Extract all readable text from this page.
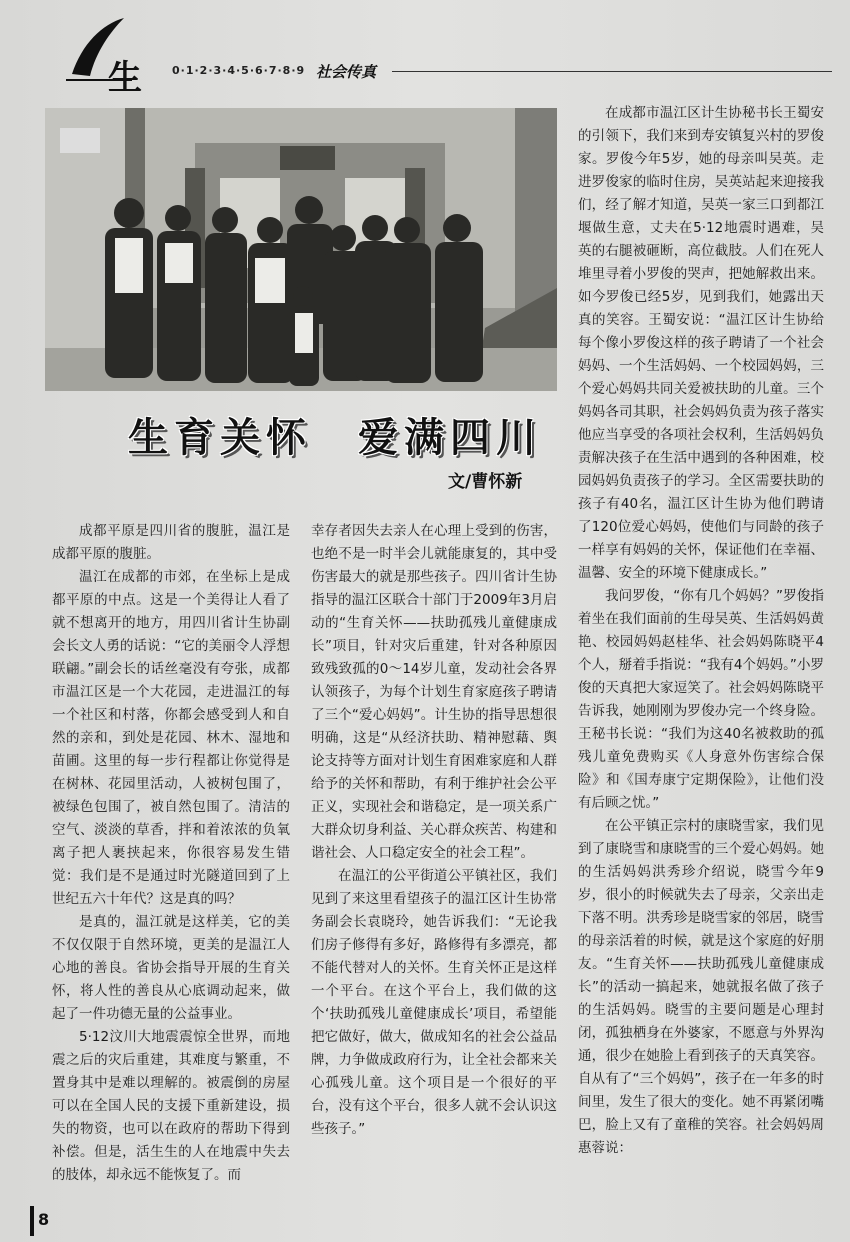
生	0·1·2·3·4·5·6·7·8·9 社会传真
生育关怀　爱满四川
文/曹怀新

成都平原是四川省的腹脏，温江是成都平原的腹脏。

温江在成都的市郊，在坐标上是成都平原的中点。这是一个美得让人看了就不想离开的地方，用四川省计生协副会长文人勇的话说：“它的美丽令人浮想联翩。”副会长的话丝毫没有夸张，成都市温江区是一个大花园，走进温江的每一个社区和村落，你都会感受到人和自然的亲和，到处是花园、林木、湿地和苗圃。这里的每一步行程都让你觉得是在树林、花园里活动，人被树包围了，被绿色包围了，被自然包围了。清洁的空气、淡淡的草香，拌和着浓浓的负氧离子把人裹挟起来，你很容易发生错觉：我们是不是通过时光隧道回到了上世纪五六十年代？这是真的吗？

是真的，温江就是这样美，它的美不仅仅限于自然环境，更美的是温江人心地的善良。省协会指导开展的生育关怀，将人性的善良从心底调动起来，做起了一件功德无量的公益事业。

5·12汶川大地震震惊全世界，而地震之后的灾后重建，其难度与繁重，不置身其中是难以理解的。被震倒的房屋可以在全国人民的支援下重新建设，损失的物资，也可以在政府的帮助下得到补偿。但是，活生生的人在地震中失去的肢体，却永远不能恢复了。而

幸存者因失去亲人在心理上受到的伤害，也绝不是一时半会儿就能康复的，其中受伤害最大的就是那些孩子。四川省计生协指导的温江区联合十部门于2009年3月启动的“生育关怀——扶助孤残儿童健康成长”项目，针对灾后重建，针对各种原因致残致孤的0～14岁儿童，发动社会各界认领孩子，为每个计划生育家庭孩子聘请了三个“爱心妈妈”。计生协的指导思想很明确，这是“从经济扶助、精神慰藉、舆论支持等方面对计划生育困难家庭和人群给予的关怀和帮助，有利于维护社会公平正义，实现社会和谐稳定，是一项关系广大群众切身利益、关心群众疾苦、构建和谐社会、人口稳定安全的社会工程”。

在温江的公平街道公平镇社区，我们见到了来这里看望孩子的温江区计生协常务副会长袁晓玲，她告诉我们：“无论我们房子修得有多好，路修得有多漂亮，都不能代替对人的关怀。生育关怀正是这样一个平台。在这个平台上，我们做的这个‘扶助孤残儿童健康成长’项目，希望能把它做好，做大，做成知名的社会公益品牌，力争做成政府行为，让全社会都来关心孤残儿童。这个项目是一个很好的平台，没有这个平台，很多人就不会认识这些孩子。”

在成都市温江区计生协秘书长王蜀安的引领下，我们来到寿安镇复兴村的罗俊家。罗俊今年5岁，她的母亲叫吴英。走进罗俊家的临时住房，吴英站起来迎接我们，经了解才知道，吴英一家三口到都江堰做生意，丈夫在5·12地震时遇难，吴英的右腿被砸断，高位截肢。人们在死人堆里寻着小罗俊的哭声，把她解救出来。如今罗俊已经5岁，见到我们，她露出天真的笑容。王蜀安说：“温江区计生协给每个像小罗俊这样的孩子聘请了一个社会妈妈、一个生活妈妈、一个校园妈妈，三个爱心妈妈共同关爱被扶助的儿童。三个妈妈各司其职，社会妈妈负责为孩子落实他应当享受的各项社会权利，生活妈妈负责解决孩子在生活中遇到的各种困难，校园妈妈负责孩子的学习。全区需要扶助的孩子有40名，温江区计生协为他们聘请了120位爱心妈妈，使他们与同龄的孩子一样享有妈妈的关怀，保证他们在幸福、温馨、安全的环境下健康成长。”

我问罗俊，“你有几个妈妈？”罗俊指着坐在我们面前的生母吴英、生活妈妈黄艳、校园妈妈赵桂华、社会妈妈陈晓平4个人，掰着手指说：“我有4个妈妈。”小罗俊的天真把大家逗笑了。社会妈妈陈晓平告诉我，她刚刚为罗俊办完一个终身险。王秘书长说：“我们为这40名被救助的孤残儿童免费购买《人身意外伤害综合保险》和《国寿康宁定期保险》，让他们没有后顾之忧。”

在公平镇正宗村的康晓雪家，我们见到了康晓雪和康晓雪的三个爱心妈妈。她的生活妈妈洪秀珍介绍说，晓雪今年9岁，很小的时候就失去了母亲，父亲出走下落不明。洪秀珍是晓雪家的邻居，晓雪的母亲活着的时候，就是这个家庭的好朋友。“生育关怀——扶助孤残儿童健康成长”的活动一搞起来，她就报名做了孩子的生活妈妈。晓雪的主要问题是心理封闭，孤独栖身在外婆家，不愿意与外界沟通，很少在她脸上看到孩子的天真笑容。自从有了“三个妈妈”，孩子在一年多的时间里，发生了很大的变化。她不再紧闭嘴巴，脸上又有了童稚的笑容。社会妈妈周惠蓉说：

8
